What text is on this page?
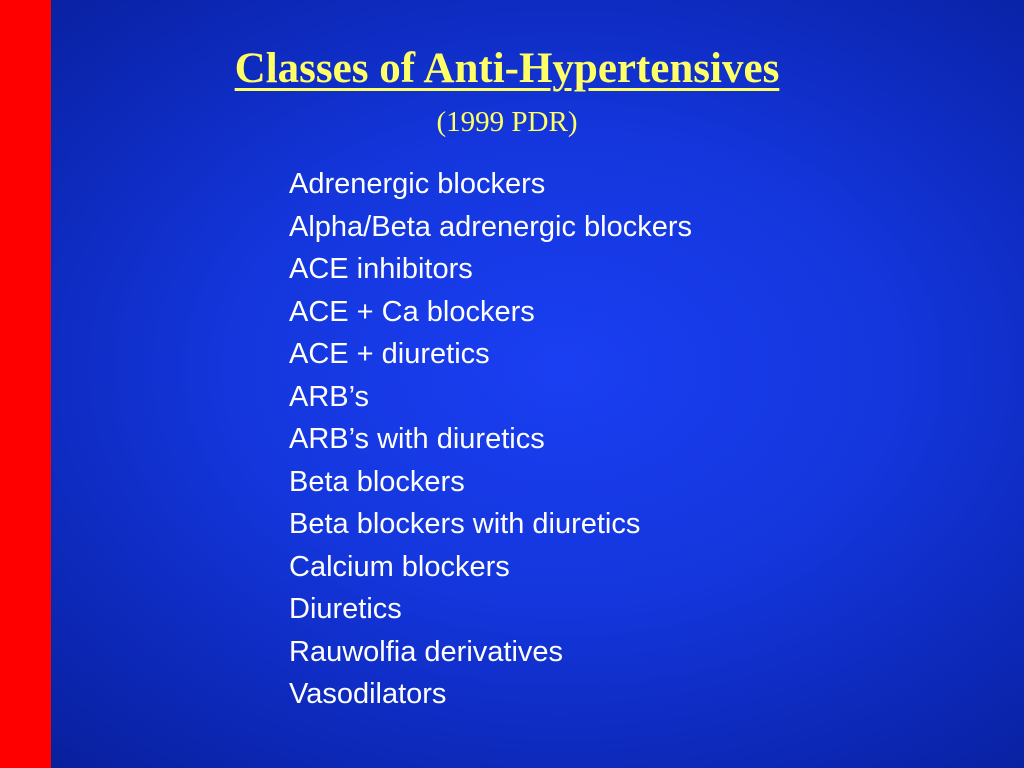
Classes of Anti-Hypertensives
(1999 PDR)
Adrenergic blockers
Alpha/Beta adrenergic blockers
ACE inhibitors
ACE + Ca blockers
ACE + diuretics
ARB’s
ARB’s with diuretics
Beta blockers
Beta blockers with diuretics
Calcium blockers
Diuretics
Rauwolfia derivatives
Vasodilators
